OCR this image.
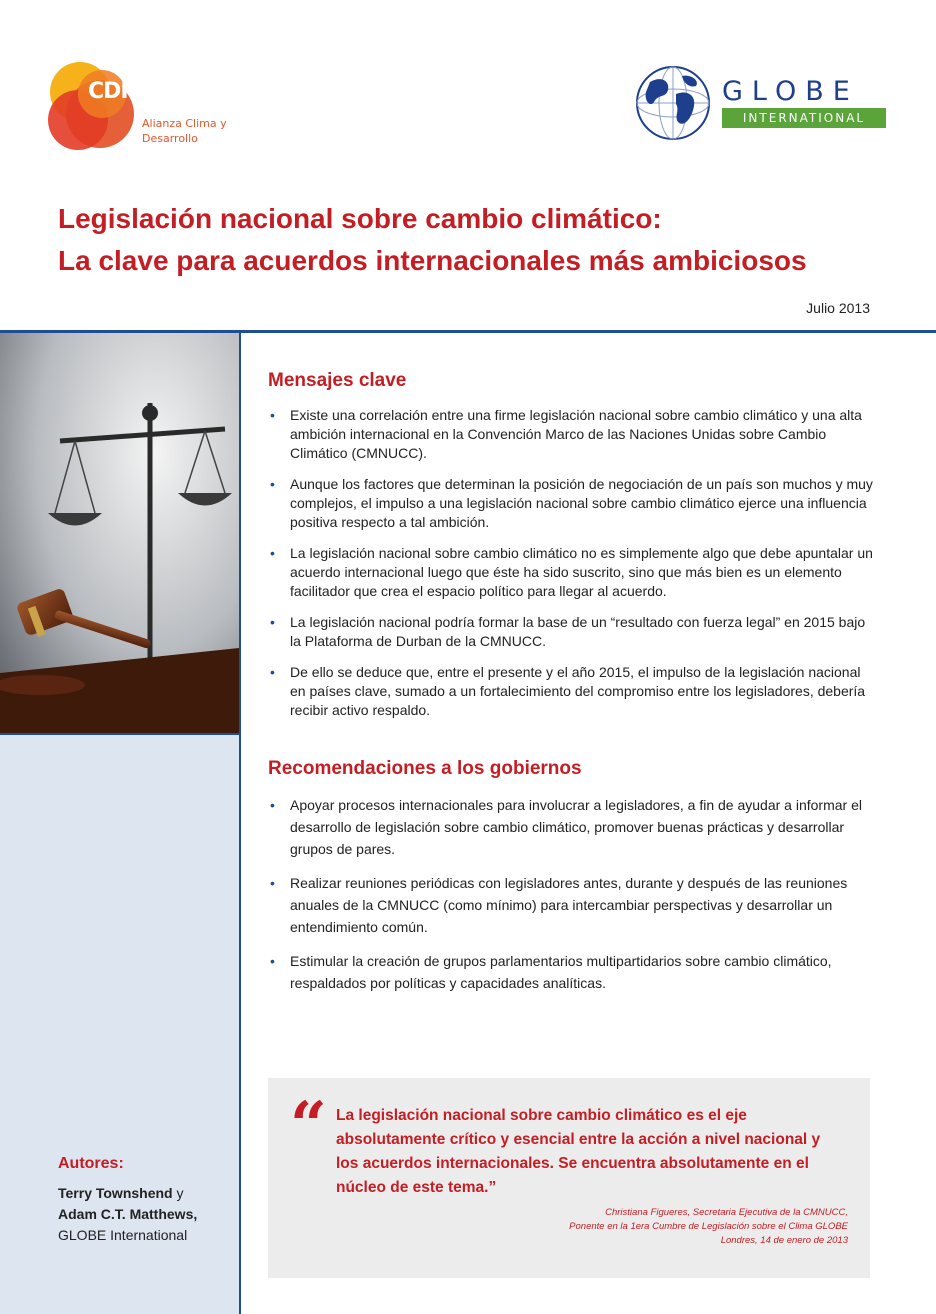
CDKN
Alianza Clima y
Desarrollo
GLOBE
INTERNATIONAL
Legislación nacional sobre cambio climático:
La clave para acuerdos internacionales más ambiciosos
Julio 2013
Autores:

Terry Townshend y

Adam C.T. Matthews,

GLOBE International

Mensajes clave
• Existe una correlación entre una firme legislación nacional sobre cambio climático y una alta ambición internacional en la Convención Marco de las Naciones Unidas sobre Cambio Climático (CMNUCC).
• Aunque los factores que determinan la posición de negociación de un país son muchos y muy complejos, el impulso a una legislación nacional sobre cambio climático ejerce una influencia positiva respecto a tal ambición.
• La legislación nacional sobre cambio climático no es simplemente algo que debe apuntalar un acuerdo internacional luego que éste ha sido suscrito, sino que más bien es un elemento facilitador que crea el espacio político para llegar al acuerdo.
• La legislación nacional podría formar la base de un “resultado con fuerza legal” en 2015 bajo la Plataforma de Durban de la CMNUCC.
• De ello se deduce que, entre el presente y el año 2015, el impulso de la legislación nacional en países clave, sumado a un fortalecimiento del compromiso entre los legisladores, debería recibir activo respaldo.
Recomendaciones a los gobiernos
• Apoyar procesos internacionales para involucrar a legisladores, a fin de ayudar a informar el desarrollo de legislación sobre cambio climático, promover buenas prácticas y desarrollar grupos de pares.
• Realizar reuniones periódicas con legisladores antes, durante y después de las reuniones anuales de la CMNUCC (como mínimo) para intercambiar perspectivas y desarrollar un entendimiento común.
• Estimular la creación de grupos parlamentarios multipartidarios sobre cambio climático, respaldados por políticas y capacidades analíticas.
“ La legislación nacional sobre cambio climático es el eje absolutamente crítico y esencial entre la acción a nivel nacional y los acuerdos internacionales. Se encuentra absolutamente en el núcleo de este tema.”
Christiana Figueres, Secretaria Ejecutiva de la CMNUCC,
Ponente en la 1era Cumbre de Legislación sobre el Clima GLOBE
Londres, 14 de enero de 2013
